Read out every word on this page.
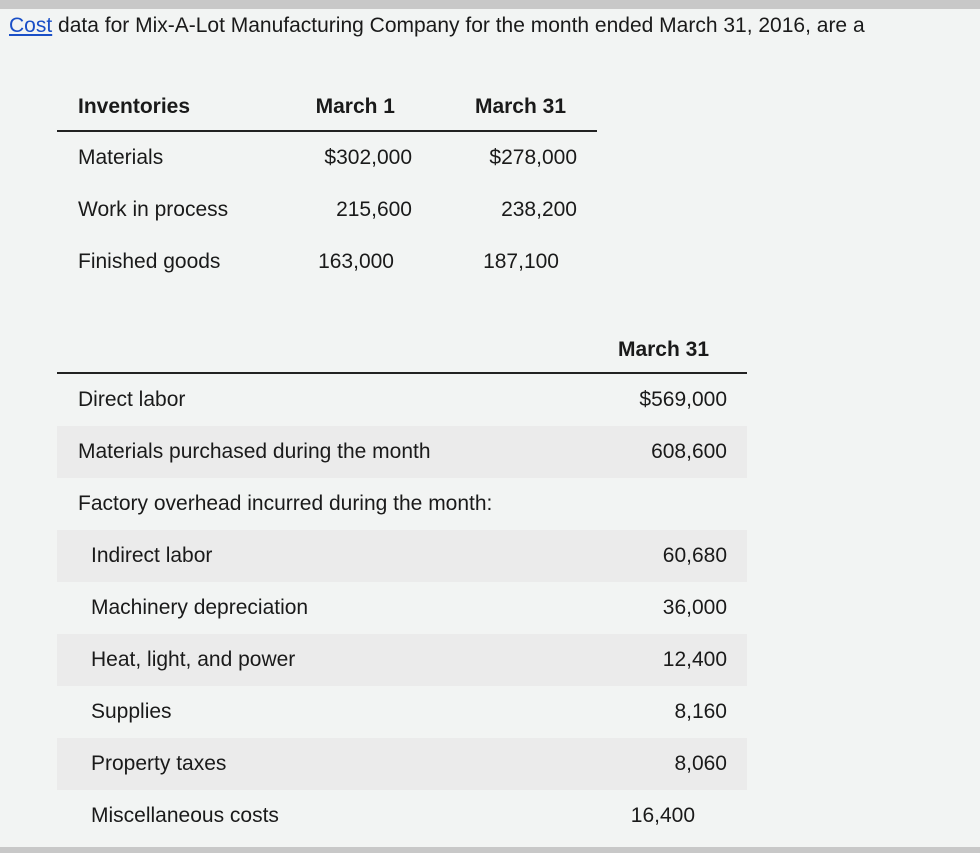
Cost data for Mix-A-Lot Manufacturing Company for the month ended March 31, 2016, are a
Inventories	March 1	March 31
Materials	$302,000	$278,000
Work in process	215,600	238,200
Finished goods	163,000	187,100
March 31
Direct labor	$569,000
Materials purchased during the month	608,600
Factory overhead incurred during the month:
Indirect labor	60,680
Machinery depreciation	36,000
Heat, light, and power	12,400
Supplies	8,160
Property taxes	8,060
Miscellaneous costs	16,400
